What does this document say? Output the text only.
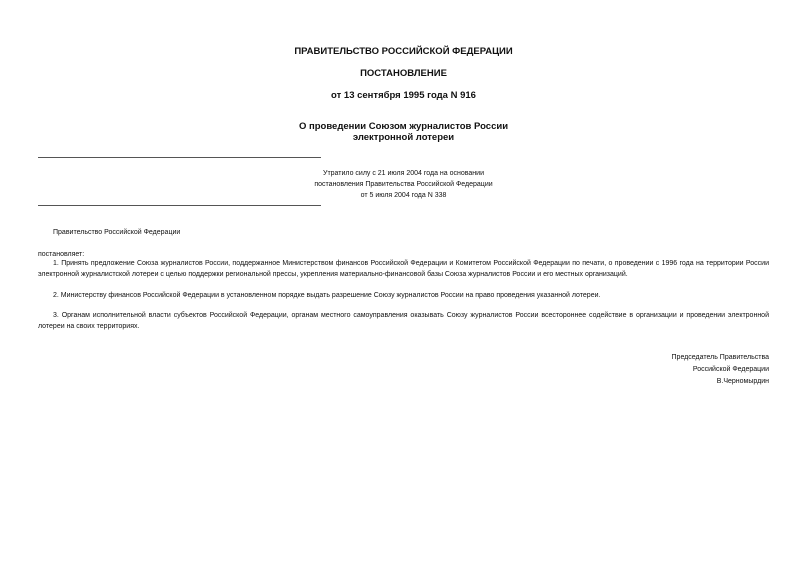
ПРАВИТЕЛЬСТВО РОССИЙСКОЙ ФЕДЕРАЦИИ
ПОСТАНОВЛЕНИЕ
от 13 сентября 1995 года N 916
О проведении Союзом журналистов России
электронной лотереи
Утратило силу с 21 июля 2004 года на основании
постановления Правительства Российской Федерации
от 5 июля 2004 года N 338
Правительство Российской Федерации
постановляет:
1. Принять предложение Союза журналистов России, поддержанное Министерством финансов Российской Федерации и Комитетом Российской Федерации по печати, о проведении с 1996 года на территории России электронной журналистской лотереи с целью поддержки региональной прессы, укрепления материально-финансовой базы Союза журналистов России и его местных организаций.
2. Министерству финансов Российской Федерации в установленном порядке выдать разрешение Союзу журналистов России на право проведения указанной лотереи.
3. Органам исполнительной власти субъектов Российской Федерации, органам местного самоуправления оказывать Союзу журналистов России всестороннее содействие в организации и проведении электронной лотереи на своих территориях.
Председатель Правительства
Российской Федерации
В.Черномырдин
